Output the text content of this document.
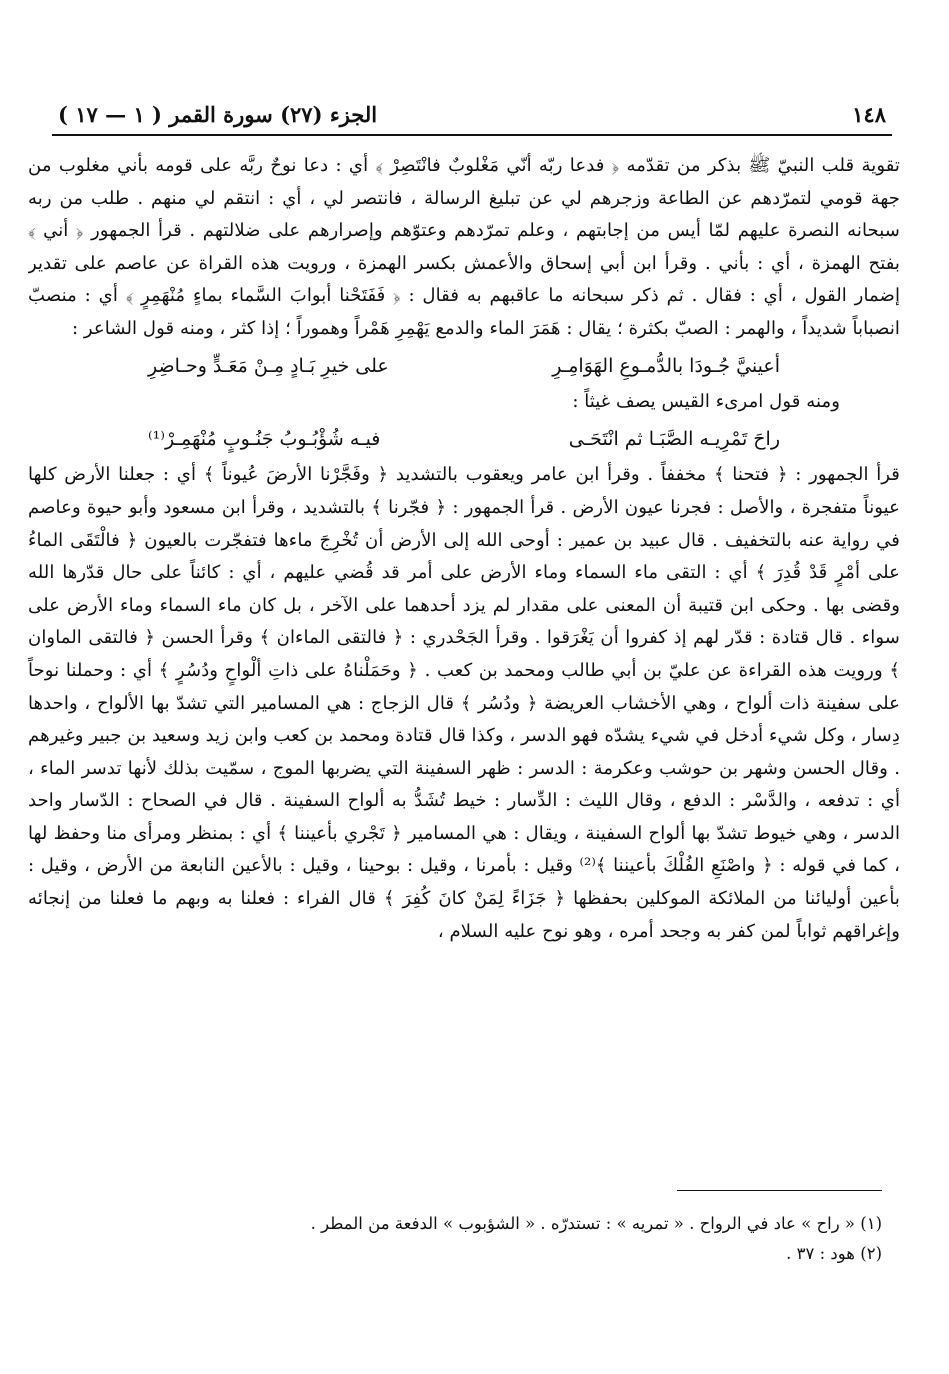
١٤٨
الجزء (٢٧) سورة القمر ( ١ — ١٧ )

تقوية قلب النبيّ ﷺ بذكر من تقدّمه ﴿ فدعا ربّه أنّي مَغْلوبٌ فانْتَصِرْ ﴾ أي : دعا نوحٌ ربَّه على قومه بأني مغلوب من جهة قومي لتمرّدهم عن الطاعة وزجرهم لي عن تبليغ الرسالة ، فانتصر لي ، أي : انتقم لي منهم . طلب من ربه سبحانه النصرة عليهم لمّا أيس من إجابتهم ، وعلم تمرّدهم وعتوّهم وإصرارهم على ضلالتهم . قرأ الجمهور ﴿ أني ﴾ بفتح الهمزة ، أي : بأني . وقرأ ابن أبي إسحاق والأعمش بكسر الهمزة ، ورويت هذه القراة عن عاصم على تقدير إضمار القول ، أي : فقال . ثم ذكر سبحانه ما عاقبهم به فقال : ﴿ فَفَتَحْنا أبوابَ السَّماء بماءٍ مُنْهَمِرٍ ﴾ أي : منصبّ انصباباً شديداً ، والهمر : الصبّ بكثرة ؛ يقال : هَمَرَ الماء والدمع يَهْمِرِ هَمْراً وهموراً ؛ إذا كثر ، ومنه قول الشاعر :

أعينيَّ جُـودَا بالدُّمـوعِ الهَوَامِـرِ
على خيرِ بَـادٍ مِـنْ مَعَـدٍّ وحـاضِرِ

ومنه قول امرىء القيس يصف غيثاً :

راحَ تَمْرِيـه الصَّبَـا ثم انْتَحَـى
فيـه شُؤْبُـوبُ جَنُـوبٍ مُنْهَمِـرْ⁽¹⁾

قرأ الجمهور : ﴿ فتحنا ﴾ مخففاً . وقرأ ابن عامر ويعقوب بالتشديد ﴿ وفَجَّرْنا الأرضَ عُيوناً ﴾ أي : جعلنا الأرض كلها عيوناً متفجرة ، والأصل : فجرنا عيون الأرض . قرأ الجمهور : ﴿ فجّرنا ﴾ بالتشديد ، وقرأ ابن مسعود وأبو حيوة وعاصم في رواية عنه بالتخفيف . قال عبيد بن عمير : أوحى الله إلى الأرض أن تُخْرِجَ ماءها فتفجّرت بالعيون ﴿ فالْتَقَى الماءُ على أمْرٍ قَدْ قُدِرَ ﴾ أي : التقى ماء السماء وماء الأرض على أمر قد قُضي عليهم ، أي : كائناً على حال قدّرها الله وقضى بها . وحكى ابن قتيبة أن المعنى على مقدار لم يزد أحدهما على الآخر ، بل كان ماء السماء وماء الأرض على سواء . قال قتادة : قدّر لهم إذ كفروا أن يَغْرَقوا . وقرأ الجَحْدري : ﴿ فالتقى الماءان ﴾ وقرأ الحسن ﴿ فالتقى الماوان ﴾ ورويت هذه القراءة عن عليّ بن أبي طالب ومحمد بن كعب . ﴿ وحَمَلْناهُ على ذاتِ ألْواحٍ ودُسُرٍ ﴾ أي : وحملنا نوحاً على سفينة ذات ألواح ، وهي الأخشاب العريضة ﴿ ودُسُر ﴾ قال الزجاج : هي المسامير التي تشدّ بها الألواح ، واحدها دِسار ، وكل شيء أدخل في شيء يشدّه فهو الدسر ، وكذا قال قتادة ومحمد بن كعب وابن زيد وسعيد بن جبير وغيرهم . وقال الحسن وشهر بن حوشب وعكرمة : الدسر : ظهر السفينة التي يضربها الموج ، سمّيت بذلك لأنها تدسر الماء ، أي : تدفعه ، والدَّسْر : الدفع ، وقال الليث : الدِّسار : خيط تُشَدُّ به ألواح السفينة . قال في الصحاح : الدّسار واحد الدسر ، وهي خيوط تشدّ بها ألواح السفينة ، ويقال : هي المسامير ﴿ تَجْري بأعيننا ﴾ أي : بمنظر ومرأى منا وحفظ لها ، كما في قوله : ﴿ واصْنَعِ الفُلْكَ بأعيننا ﴾⁽²⁾ وقيل : بأمرنا ، وقيل : بوحينا ، وقيل : بالأعين النابعة من الأرض ، وقيل : بأعين أوليائنا من الملائكة الموكلين بحفظها ﴿ جَزَاءً لِمَنْ كانَ كُفِرَ ﴾ قال الفراء : فعلنا به وبهم ما فعلنا من إنجائه وإغراقهم ثواباً لمن كفر به وجحد أمره ، وهو نوح عليه السلام ،

(١) « راح » عاد في الرواح . « تمريه » : تستدرّه . « الشؤبوب » الدفعة من المطر .

(٢) هود : ٣٧ .
